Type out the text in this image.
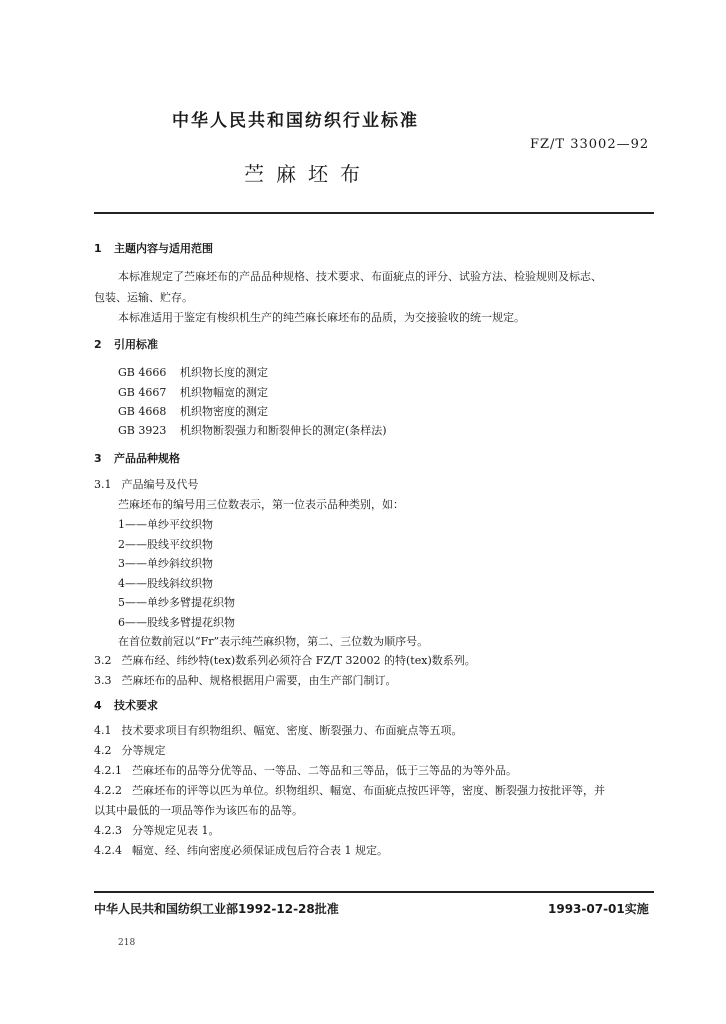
中华人民共和国纺织行业标准
FZ/T 33002—92
苎麻坯布
1 主题内容与适用范围
本标准规定了苎麻坯布的产品品种规格、技术要求、布面疵点的评分、试验方法、检验规则及标志、
包装、运输、贮存。
本标准适用于鉴定有梭织机生产的纯苎麻长麻坯布的品质，为交接验收的统一规定。
2 引用标准
GB 4666 机织物长度的测定
GB 4667 机织物幅宽的测定
GB 4668 机织物密度的测定
GB 3923 机织物断裂强力和断裂伸长的测定(条样法)
3 产品品种规格
3.1 产品编号及代号
苎麻坯布的编号用三位数表示，第一位表示品种类别，如：
1——单纱平纹织物
2——股线平纹织物
3——单纱斜纹织物
4——股线斜纹织物
5——单纱多臂提花织物
6——股线多臂提花织物
在首位数前冠以“Fr”表示纯苎麻织物，第二、三位数为顺序号。
3.2 苎麻布经、纬纱特(tex)数系列必须符合 FZ/T 32002 的特(tex)数系列。
3.3 苎麻坯布的品种、规格根据用户需要，由生产部门制订。
4 技术要求
4.1 技术要求项目有织物组织、幅宽、密度、断裂强力、布面疵点等五项。
4.2 分等规定
4.2.1 苎麻坯布的品等分优等品、一等品、二等品和三等品，低于三等品的为等外品。
4.2.2 苎麻坯布的评等以匹为单位。织物组织、幅宽、布面疵点按匹评等，密度、断裂强力按批评等，并
以其中最低的一项品等作为该匹布的品等。
4.2.3 分等规定见表 1。
4.2.4 幅宽、经、纬向密度必须保证成包后符合表 1 规定。
中华人民共和国纺织工业部1992-12-28批准	1993-07-01实施
218
